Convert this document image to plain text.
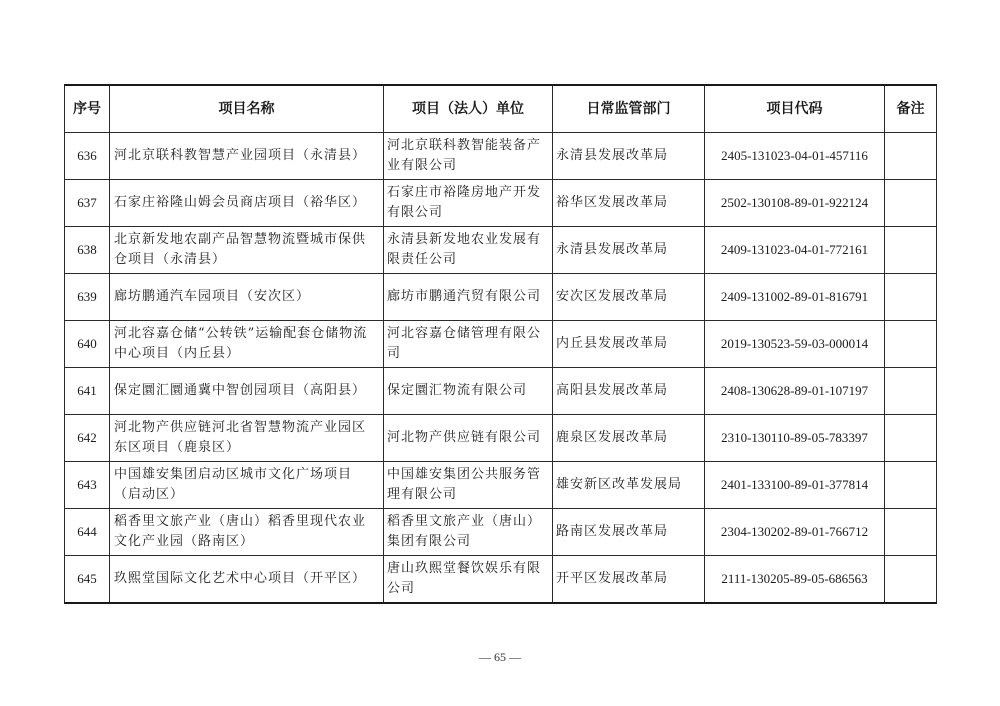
序号	项目名称	项目（法人）单位	日常监管部门	项目代码	备注
636	河北京联科教智慧产业园项目（永清县）	河北京联科教智能装备产业有限公司	永清县发展改革局	2405-131023-04-01-457116	
637	石家庄裕隆山姆会员商店项目（裕华区）	石家庄市裕隆房地产开发有限公司	裕华区发展改革局	2502-130108-89-01-922124	
638	北京新发地农副产品智慧物流暨城市保供仓项目（永清县）	永清县新发地农业发展有限责任公司	永清县发展改革局	2409-131023-04-01-772161	
639	廊坊鹏通汽车园项目（安次区）	廊坊市鹏通汽贸有限公司	安次区发展改革局	2409-131002-89-01-816791	
640	河北容嘉仓储“公转铁”运输配套仓储物流中心项目（内丘县）	河北容嘉仓储管理有限公司	内丘县发展改革局	2019-130523-59-03-000014	
641	保定圜汇圜通冀中智创园项目（高阳县）	保定圜汇物流有限公司	高阳县发展改革局	2408-130628-89-01-107197	
642	河北物产供应链河北省智慧物流产业园区东区项目（鹿泉区）	河北物产供应链有限公司	鹿泉区发展改革局	2310-130110-89-05-783397	
643	中国雄安集团启动区城市文化广场项目（启动区）	中国雄安集团公共服务管理有限公司	雄安新区改革发展局	2401-133100-89-01-377814	
644	稻香里文旅产业（唐山）稻香里现代农业文化产业园（路南区）	稻香里文旅产业（唐山）集团有限公司	路南区发展改革局	2304-130202-89-01-766712	
645	玖熙堂国际文化艺术中心项目（开平区）	唐山玖熙堂餐饮娱乐有限公司	开平区发展改革局	2111-130205-89-05-686563	
— 65 —
